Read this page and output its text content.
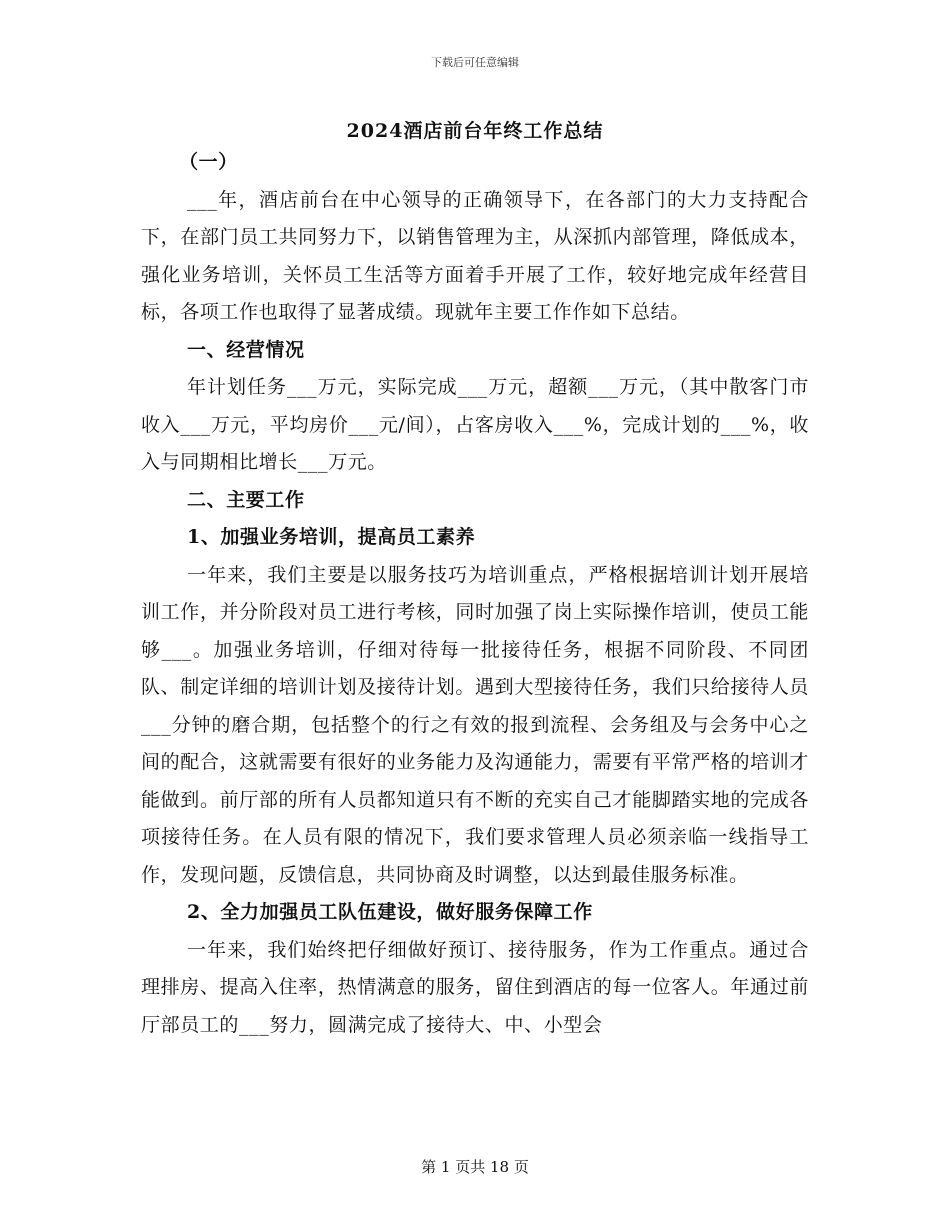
下载后可任意编辑
2024酒店前台年终工作总结
（一）

___年，酒店前台在中心领导的正确领导下，在各部门的大力支持配合下，在部门员工共同努力下，以销售管理为主，从深抓内部管理，降低成本，强化业务培训，关怀员工生活等方面着手开展了工作，较好地完成年经营目标，各项工作也取得了显著成绩。现就年主要工作作如下总结。

一、经营情况

年计划任务___万元，实际完成___万元，超额___万元，（其中散客门市收入___万元，平均房价___元/间），占客房收入___%，完成计划的___%，收入与同期相比增长___万元。

二、主要工作
1、加强业务培训，提高员工素养

一年来，我们主要是以服务技巧为培训重点，严格根据培训计划开展培训工作，并分阶段对员工进行考核，同时加强了岗上实际操作培训，使员工能够___。加强业务培训，仔细对待每一批接待任务，根据不同阶段、不同团队、制定详细的培训计划及接待计划。遇到大型接待任务，我们只给接待人员___分钟的磨合期，包括整个的行之有效的报到流程、会务组及与会务中心之间的配合，这就需要有很好的业务能力及沟通能力，需要有平常严格的培训才能做到。前厅部的所有人员都知道只有不断的充实自己才能脚踏实地的完成各项接待任务。在人员有限的情况下，我们要求管理人员必须亲临一线指导工作，发现问题，反馈信息，共同协商及时调整，以达到最佳服务标准。

2、全力加强员工队伍建设，做好服务保障工作

一年来，我们始终把仔细做好预订、接待服务，作为工作重点。通过合理排房、提高入住率，热情满意的服务，留住到酒店的每一位客人。年通过前厅部员工的___努力，圆满完成了接待大、中、小型会

第 1 页共 18 页
